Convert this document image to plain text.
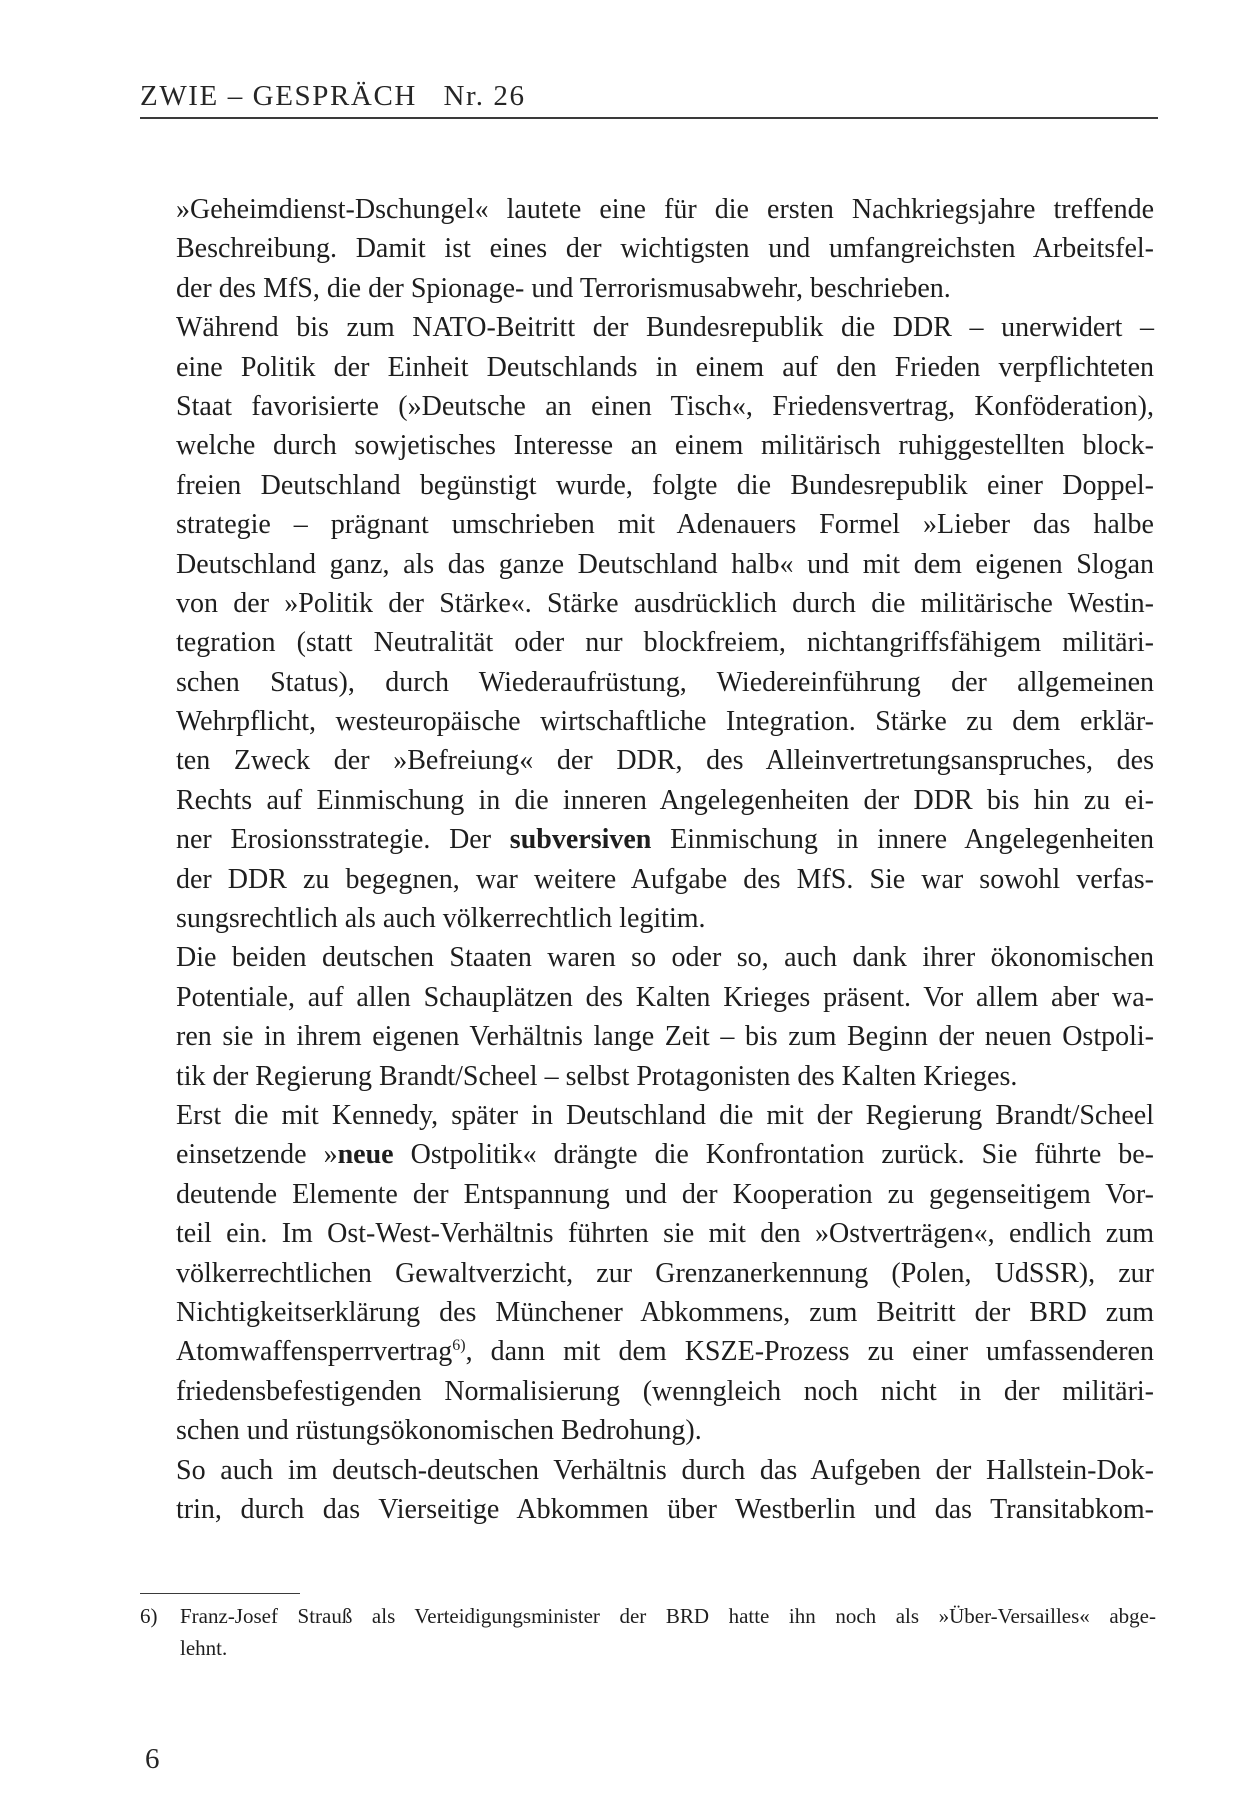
ZWIE – GESPRÄCH   Nr. 26
»Geheimdienst-Dschungel« lautete eine für die ersten Nachkriegsjahre treffende
Beschreibung. Damit ist eines der wichtigsten und umfangreichsten Arbeitsfel-
der des MfS, die der Spionage- und Terrorismusabwehr, beschrieben.
Während bis zum NATO-Beitritt der Bundesrepublik die DDR – unerwidert –
eine Politik der Einheit Deutschlands in einem auf den Frieden verpflichteten
Staat favorisierte (»Deutsche an einen Tisch«, Friedensvertrag, Konföderation),
welche durch sowjetisches Interesse an einem militärisch ruhiggestellten block-
freien Deutschland begünstigt wurde, folgte die Bundesrepublik einer Doppel-
strategie – prägnant umschrieben mit Adenauers Formel »Lieber das halbe
Deutschland ganz, als das ganze Deutschland halb« und mit dem eigenen Slogan
von der »Politik der Stärke«. Stärke ausdrücklich durch die militärische Westin-
tegration (statt Neutralität oder nur blockfreiem, nichtangriffsfähigem militäri-
schen Status), durch Wiederaufrüstung, Wiedereinführung der allgemeinen
Wehrpflicht, westeuropäische wirtschaftliche Integration. Stärke zu dem erklär-
ten Zweck der »Befreiung« der DDR, des Alleinvertretungsanspruches, des
Rechts auf Einmischung in die inneren Angelegenheiten der DDR bis hin zu ei-
ner Erosionsstrategie. Der subversiven Einmischung in innere Angelegenheiten
der DDR zu begegnen, war weitere Aufgabe des MfS. Sie war sowohl verfas-
sungsrechtlich als auch völkerrechtlich legitim.
Die beiden deutschen Staaten waren so oder so, auch dank ihrer ökonomischen
Potentiale, auf allen Schauplätzen des Kalten Krieges präsent. Vor allem aber wa-
ren sie in ihrem eigenen Verhältnis lange Zeit – bis zum Beginn der neuen Ostpoli-
tik der Regierung Brandt/Scheel – selbst Protagonisten des Kalten Krieges.
Erst die mit Kennedy, später in Deutschland die mit der Regierung Brandt/Scheel
einsetzende »neue Ostpolitik« drängte die Konfrontation zurück. Sie führte be-
deutende Elemente der Entspannung und der Kooperation zu gegenseitigem Vor-
teil ein. Im Ost-West-Verhältnis führten sie mit den »Ostverträgen«, endlich zum
völkerrechtlichen Gewaltverzicht, zur Grenzanerkennung (Polen, UdSSR), zur
Nichtigkeitserklärung des Münchener Abkommens, zum Beitritt der BRD zum
Atomwaffensperrvertrag$^{6)}$, dann mit dem KSZE-Prozess zu einer umfassenderen
friedensbefestigenden Normalisierung (wenngleich noch nicht in der militäri-
schen und rüstungsökonomischen Bedrohung).
So auch im deutsch-deutschen Verhältnis durch das Aufgeben der Hallstein-Dok-
trin, durch das Vierseitige Abkommen über Westberlin und das Transitabkom-
6) Franz-Josef Strauß als Verteidigungsminister der BRD hatte ihn noch als »Über-Versailles« abge-
lehnt.
6
